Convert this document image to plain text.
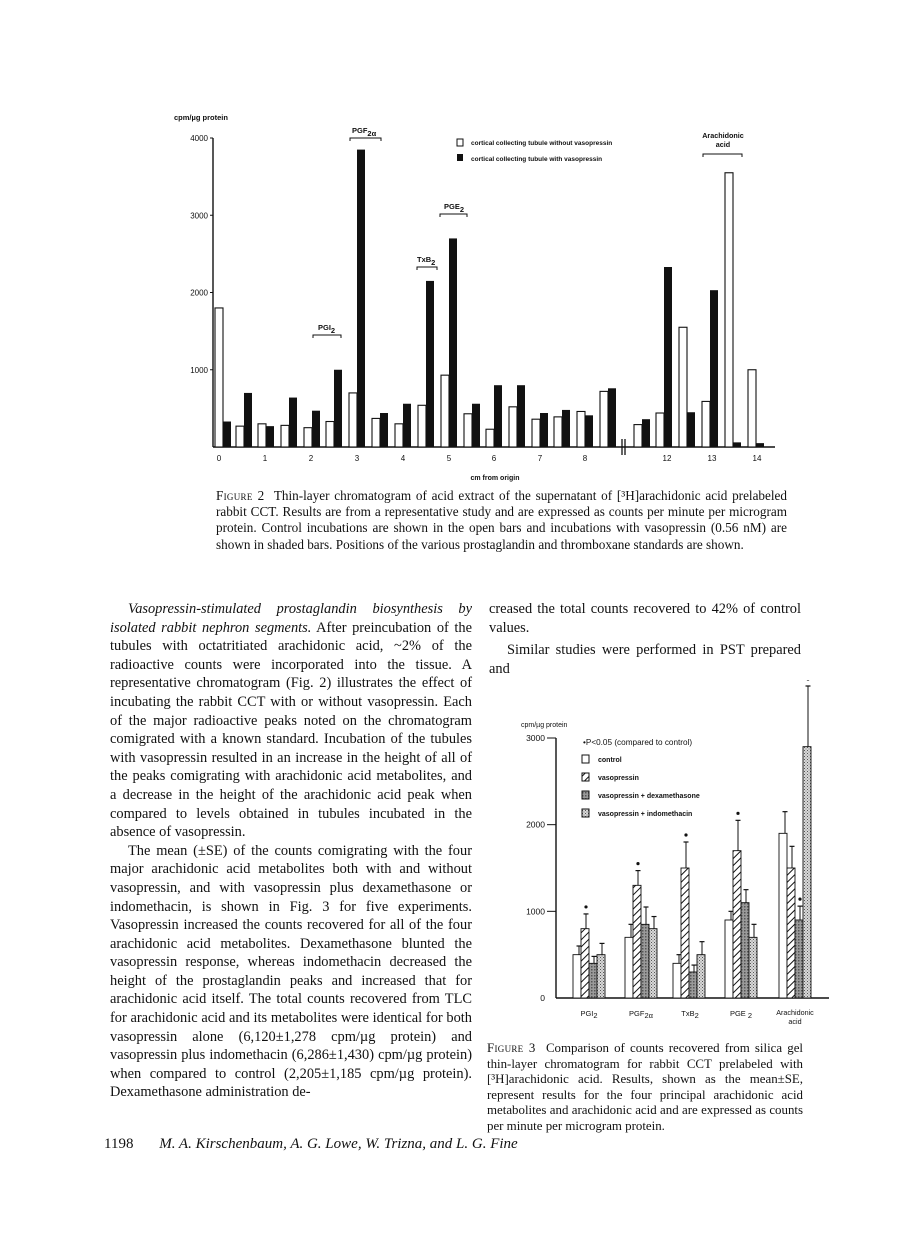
4000
3000
2000
1000
cpm/µg protein
0	1	2	3	4	5	6	7	8	12	13	14
cm from origin
cortical collecting tubule without vasopressin
cortical collecting tubule with vasopressin
PGF2α
PGI2
TxB2
PGE2
Arachidonic
acid
Figure 2 Thin-layer chromatogram of acid extract of the supernatant of [³H]arachidonic acid prelabeled rabbit CCT. Results are from a representative study and are expressed as counts per minute per microgram protein. Control incubations are shown in the open bars and incubations with vasopressin (0.56 nM) are shown in shaded bars. Positions of the various prostaglandin and thromboxane standards are shown.

Vasopressin-stimulated prostaglandin biosynthesis by isolated rabbit nephron segments. After preincubation of the tubules with octatritiated arachidonic acid, ~2% of the radioactive counts were incorporated into the tissue. A representative chromatogram (Fig. 2) illustrates the effect of incubating the rabbit CCT with or without vasopressin. Each of the major radioactive peaks noted on the chromatogram comigrated with a known standard. Incubation of the tubules with vasopressin resulted in an increase in the height of all of the peaks comigrating with arachidonic acid metabolites, and a decrease in the height of the arachidonic acid peak when compared to levels obtained in tubules incubated in the absence of vasopressin.

The mean (±SE) of the counts comigrating with the four major arachidonic acid metabolites both with and without vasopressin, and with vasopressin plus dexamethasone or indomethacin, is shown in Fig. 3 for five experiments. Vasopressin increased the counts recovered for all of the four arachidonic acid metabolites. Dexamethasone blunted the vasopressin response, whereas indomethacin decreased the height of the prostaglandin peaks and increased that for arachidonic acid itself. The total counts recovered from TLC for arachidonic acid and its metabolites were identical for both vasopressin alone (6,120±1,278 cpm/µg protein) and vasopressin plus indomethacin (6,286±1,430) cpm/µg protein) when compared to control (2,205±1,185 cpm/µg protein). Dexamethasone administration de-

creased the total counts recovered to 42% of control values.

Similar studies were performed in PST prepared and

3000
2000
1000
0
cpm/µg protein
PGI2	PGF2α	TxB2	PGE 2	Arachidonic
acid
•P<0.05 (compared to control)
control
vasopressin
vasopressin + dexamethasone
vasopressin + indomethacin
Figure 3 Comparison of counts recovered from silica gel thin-layer chromatogram for rabbit CCT prelabeled with [³H]arachidonic acid. Results, shown as the mean±SE, represent results for the four principal arachidonic acid metabolites and arachidonic acid and are expressed as counts per minute per microgram protein.
1198 M. A. Kirschenbaum, A. G. Lowe, W. Trizna, and L. G. Fine
